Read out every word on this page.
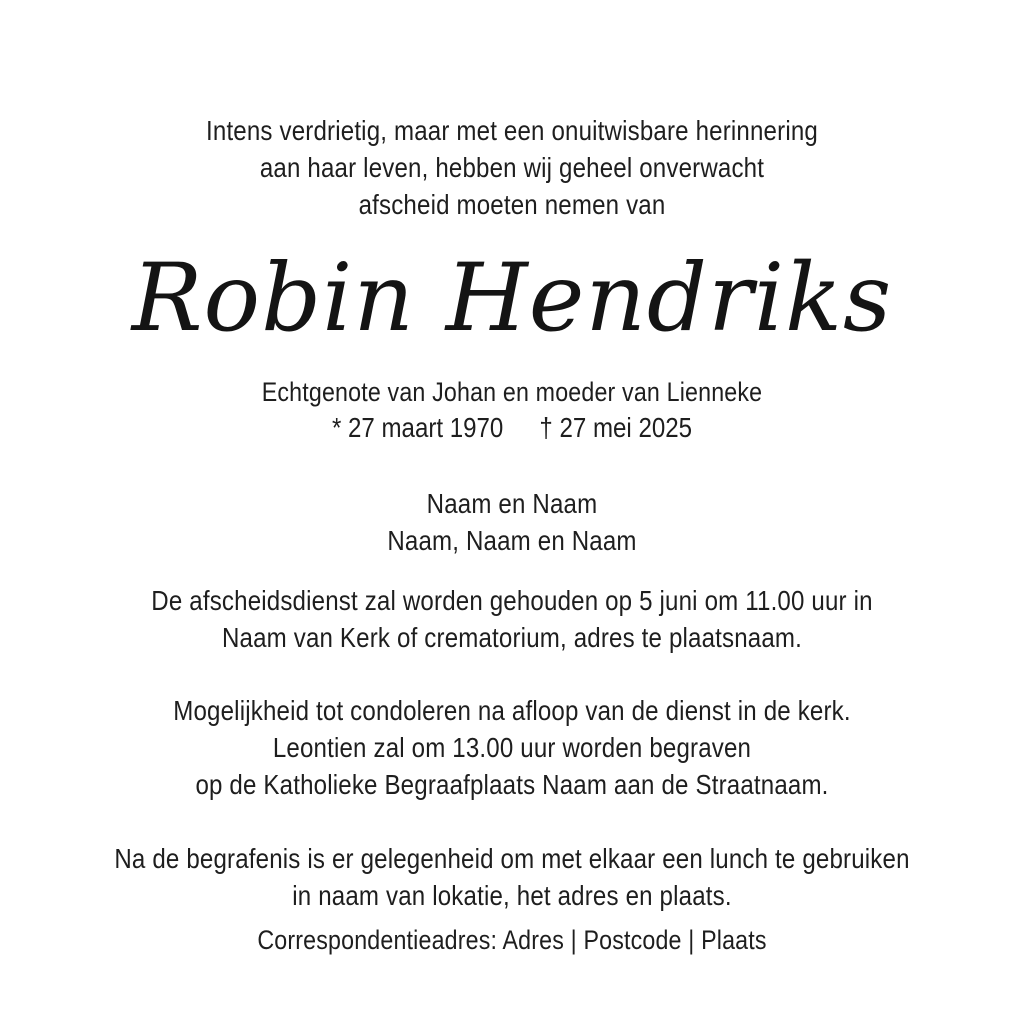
Intens verdrietig, maar met een onuitwisbare herinnering
aan haar leven, hebben wij geheel onverwacht
afscheid moeten nemen van
Robin Hendriks
Echtgenote van Johan en moeder van Lienneke
* 27 maart 1970 † 27 mei 2025
Naam en Naam
Naam, Naam en Naam
De afscheidsdienst zal worden gehouden op 5 juni om 11.00 uur in
Naam van Kerk of crematorium, adres te plaatsnaam.
Mogelijkheid tot condoleren na afloop van de dienst in de kerk.
Leontien zal om 13.00 uur worden begraven
op de Katholieke Begraafplaats Naam aan de Straatnaam.
Na de begrafenis is er gelegenheid om met elkaar een lunch te gebruiken
in naam van lokatie, het adres en plaats.
Correspondentieadres: Adres | Postcode | Plaats
